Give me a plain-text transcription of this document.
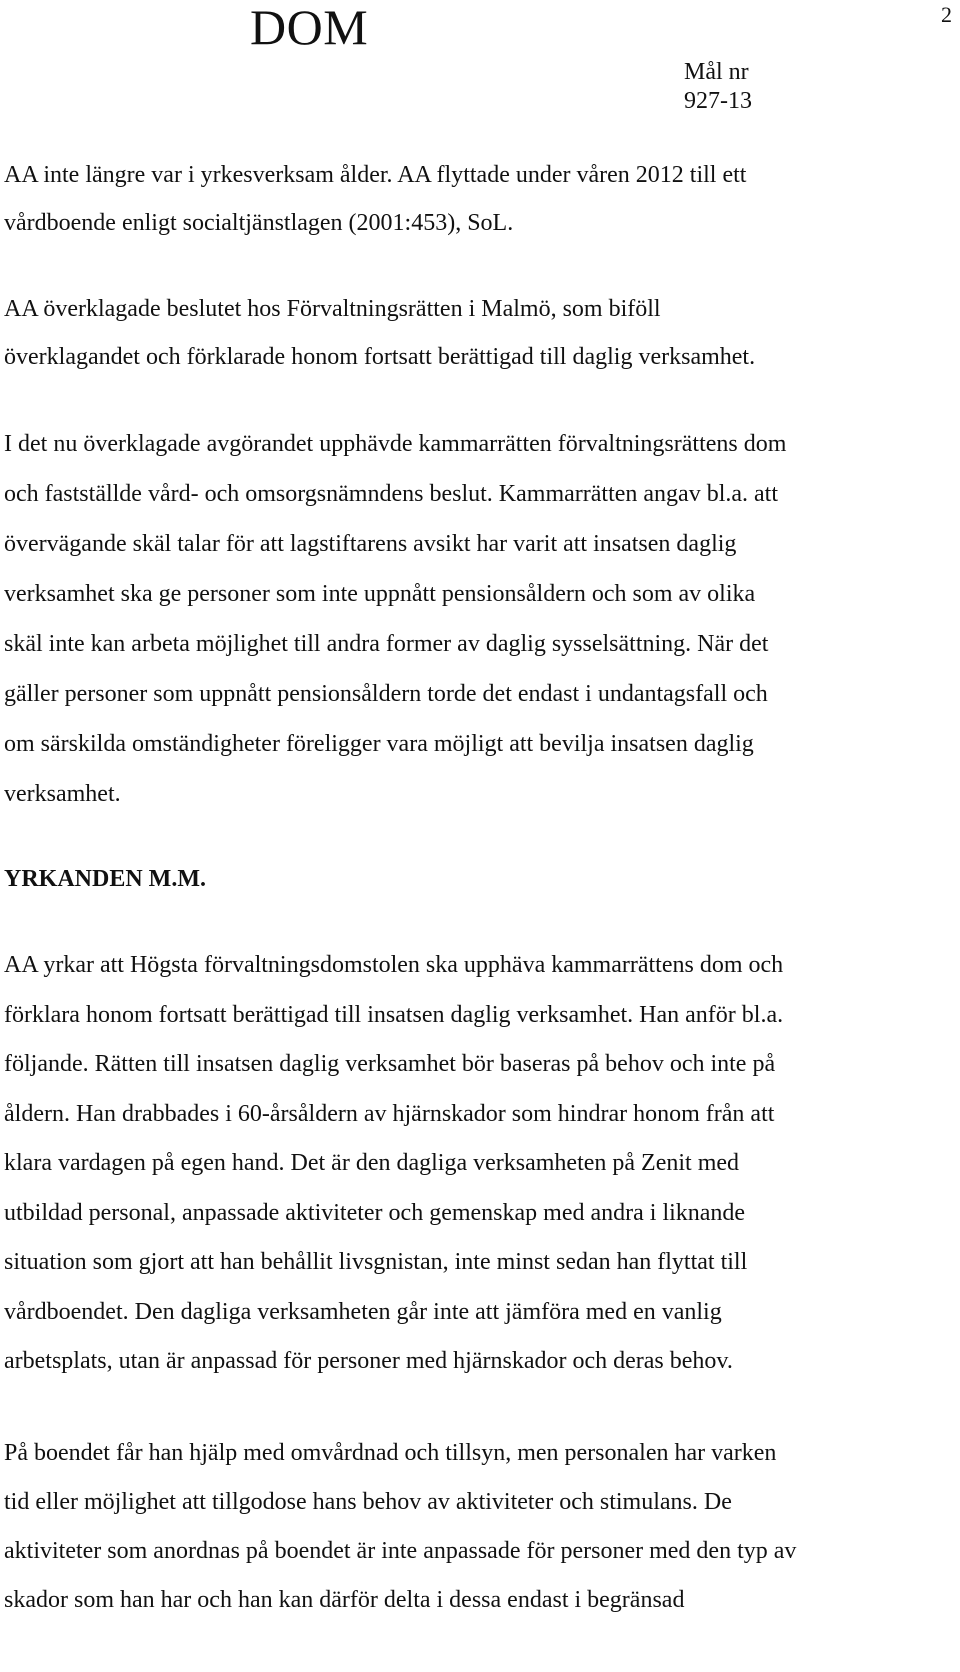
DOM	2
Mål nr
927-13

AA inte längre var i yrkesverksam ålder. AA flyttade under våren 2012 till ett
vårdboende enligt socialtjänstlagen (2001:453), SoL.

AA överklagade beslutet hos Förvaltningsrätten i Malmö, som biföll
överklagandet och förklarade honom fortsatt berättigad till daglig verksamhet.

I det nu överklagade avgörandet upphävde kammarrätten förvaltningsrättens dom
och fastställde vård- och omsorgsnämndens beslut. Kammarrätten angav bl.a. att
övervägande skäl talar för att lagstiftarens avsikt har varit att insatsen daglig
verksamhet ska ge personer som inte uppnått pensionsåldern och som av olika
skäl inte kan arbeta möjlighet till andra former av daglig sysselsättning. När det
gäller personer som uppnått pensionsåldern torde det endast i undantagsfall och
om särskilda omständigheter föreligger vara möjligt att bevilja insatsen daglig
verksamhet.

YRKANDEN M.M.

AA yrkar att Högsta förvaltningsdomstolen ska upphäva kammarrättens dom och
förklara honom fortsatt berättigad till insatsen daglig verksamhet. Han anför bl.a.
följande. Rätten till insatsen daglig verksamhet bör baseras på behov och inte på
åldern. Han drabbades i 60-årsåldern av hjärnskador som hindrar honom från att
klara vardagen på egen hand. Det är den dagliga verksamheten på Zenit med
utbildad personal, anpassade aktiviteter och gemenskap med andra i liknande
situation som gjort att han behållit livsgnistan, inte minst sedan han flyttat till
vårdboendet. Den dagliga verksamheten går inte att jämföra med en vanlig
arbetsplats, utan är anpassad för personer med hjärnskador och deras behov.

På boendet får han hjälp med omvårdnad och tillsyn, men personalen har varken
tid eller möjlighet att tillgodose hans behov av aktiviteter och stimulans. De
aktiviteter som anordnas på boendet är inte anpassade för personer med den typ av
skador som han har och han kan därför delta i dessa endast i begränsad
